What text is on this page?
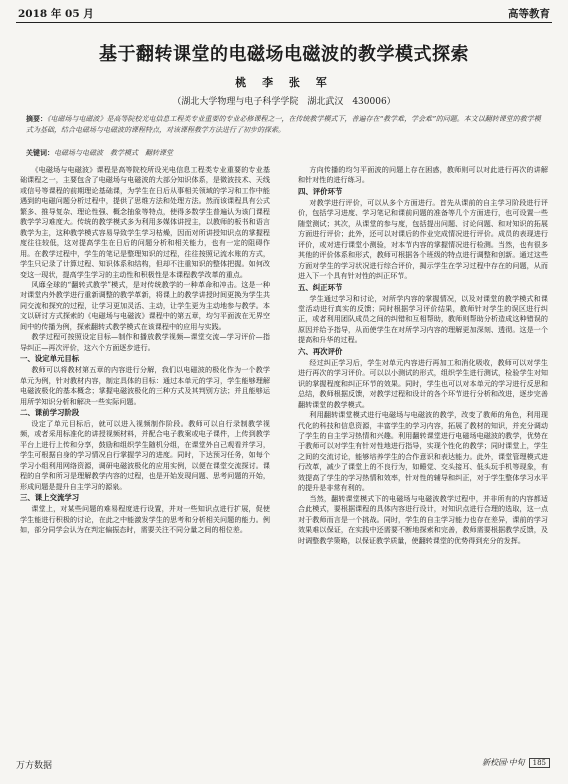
2018 年 05 月	高等教育
基于翻转课堂的电磁场电磁波的教学模式探索
桃 李 张 军
（湖北大学物理与电子科学学院　湖北武汉　430006）
摘要：《电磁场与电磁波》是高等院校光电信息工程类专业重要的专业必修课程之一，在传统教学模式下，普遍存在“教学难，学会难”的问题。本文以翻转课堂的教学模式为基础，结合电磁场与电磁波的课程特点，对该课程教学方法进行了初步的探索。
关键词：电磁场与电磁波　教学模式　翻转课堂

《电磁场与电磁波》课程是高等院校所设光电信息工程类专业重要的专业基础课程之一，主要包含了电磁场与电磁波的大部分知识体系，是微波技术、天线或信号等课程的前期理论基础课，为学生在日后从事相关领域的学习和工作中能遇到的电磁问题分析过程中，提供了思维方法和处理方法。然而该课程具有公式繁多、推导复杂、理论性强、概念抽象等特点，使得多数学生普遍认为该门课程教学学习难度大。传统的教学模式多为利用多媒体讲授主，以教师的板书和语言教学为主，这种教学模式容易导致学生学习枯燥，因而对所讲授知识点的掌握程度往往较低，这对提高学生在日后的问题分析和相关能力，也有一定的阻碍作用。在教学过程中，学生的笔记是整理知识的过程，往往按照记流水账的方式，学生只记录了计算过程、知识体系和结构，但却不注重知识的整体把握。如何改变这一现状，提高学生学习的主动性和积极性是本课程教学改革的重点。

风靡全球的“翻转式教学”模式，是对传统教学的一种革命和冲击。这是一种对课堂内外教学进行重新调整的教学革新，将课上的教学讲授时间更换为学生共同交流和探究的过程，让学习更加灵活、主动，让学生更为主动地参与教学。本文以研讨方式探索的《电磁场与电磁波》课程中的第五章，均匀平面波在无界空间中的传播为例，探索翻转式教学模式在该课程中的应用与实践。

教学过程可按照设定目标—制作和播放教学视频—课堂交流—学习评价—指导纠正—再次评价，这六个方面逐步进行。

一、设定单元目标

教师可以将教材第五章的内容进行分解，我们以电磁波的极化作为一个教学单元为例，针对教材内容，制定具体的目标：通过本单元的学习，学生能够理解电磁波极化的基本概念；掌握电磁波极化的三种方式及其判别方法；并且能够运用所学知识分析和解决一些实际问题。

二、课前学习阶段

设定了单元目标后，就可以进入视频制作阶段。教师可以自行录制教学视频，或者采用标准化的讲授视频材料，并配合电子教案或电子课件，上传到教学平台上进行上传和分享，鼓励和组织学生随机分组，在课堂外自己观看并学习，学生可根据自身的学习情况自行掌握学习的进度。同时，下达预习任务，如每个学习小组利用网络资源，调研电磁波极化的应用实例，以便在课堂交流探讨。课程的自学和所习是理解教学内容的过程，也是开始发现问题、思考问题的开始，形成问题是提升自主学习的源泉。

三、课上交流学习

课堂上，对某些问题的难易程度进行设置，并对一些知识点进行扩展，促使学生能进行积极的讨论，在此之中能激发学生的思考和分析相关问题的能力。例如，部分同学会认为在判定偏振态时，需要关注不同分量之间的相位差。

方向传播的均匀平面波的问题上存在困惑，教师则可以对此进行再次的讲解和针对性的进行练习。

四、评价环节

对教学进行评价，可以从多个方面进行。首先从课前的自主学习阶段进行评价，包括学习进度、学习笔记和课前问题的准备等几个方面进行，也可设置一些随堂测试；其次，从课堂的参与度，包括提出问题、讨论问题、和对知识的拓展方面进行评价；此外，还可以对课后的作业完成情况进行评价。成员的表现进行评价，或对进行课堂小测验，对本节内容的掌握情况进行检测。当然，也有很多其他的评价体系和形式，教师可根据各个班级的特点进行调整和创新。通过这些方面对学生的学习状况进行综合评价，揭示学生在学习过程中存在的问题，从而进入下一个具有针对性的纠正环节。

五、纠正环节

学生通过学习和讨论，对所学内容的掌握情况，以及对课堂的教学模式和课堂活动进行真实的反馈；同时根据学习评价结果，教师针对学生的误区进行纠正，或者利用团队成员之间的纠错和互相帮助，教师则帮助分析造成这种错误的原因并给予指导，从而使学生在对所学习内容的理解更加深刻、透彻。这是一个提高和升华的过程。

六、再次评价

经过纠正学习后，学生对单元内容进行再加工和消化吸收，教师可以对学生进行再次的学习评价。可以以小测试的形式，组织学生进行测试，检验学生对知识的掌握程度和纠正环节的效果。同时，学生也可以对本单元的学习进行反思和总结，教师根据反馈，对教学过程和设计的各个环节进行分析和改进，逐步完善翻转课堂的教学模式。

利用翻转课堂模式进行电磁场与电磁波的教学，改变了教师的角色，利用现代化的科技和信息资源，丰富学生的学习内容，拓展了教材的知识，并充分调动了学生的自主学习热情和兴趣。利用翻转课堂进行电磁场电磁波的教学，优势在于教师可以对学生有针对性地进行指导，实现个性化的教学；同时课堂上，学生之间的交流讨论，能够培养学生的合作意识和表达能力。此外，课堂管理模式进行改革，减少了课堂上的不良行为，如睡觉、交头接耳、低头玩手机等现象，有效提高了学生的学习热情和效率，针对性的辅导和纠正，对于学生整体学习水平的提升是非常有利的。

当然，翻转课堂模式下的电磁场与电磁波教学过程中，并非所有的内容都适合此模式，要根据课程的具体内容进行设计，对知识点进行合理的选取，这一点对于教师而言是一个挑战。同时，学生的自主学习能力也存在差异，课前的学习效果难以保证，在实践中还需要不断地探索和完善，教师需要根据教学反馈，及时调整教学策略，以保证教学质量，使翻转课堂的优势得到充分的发挥。

万方数据	新校园·中旬 185
